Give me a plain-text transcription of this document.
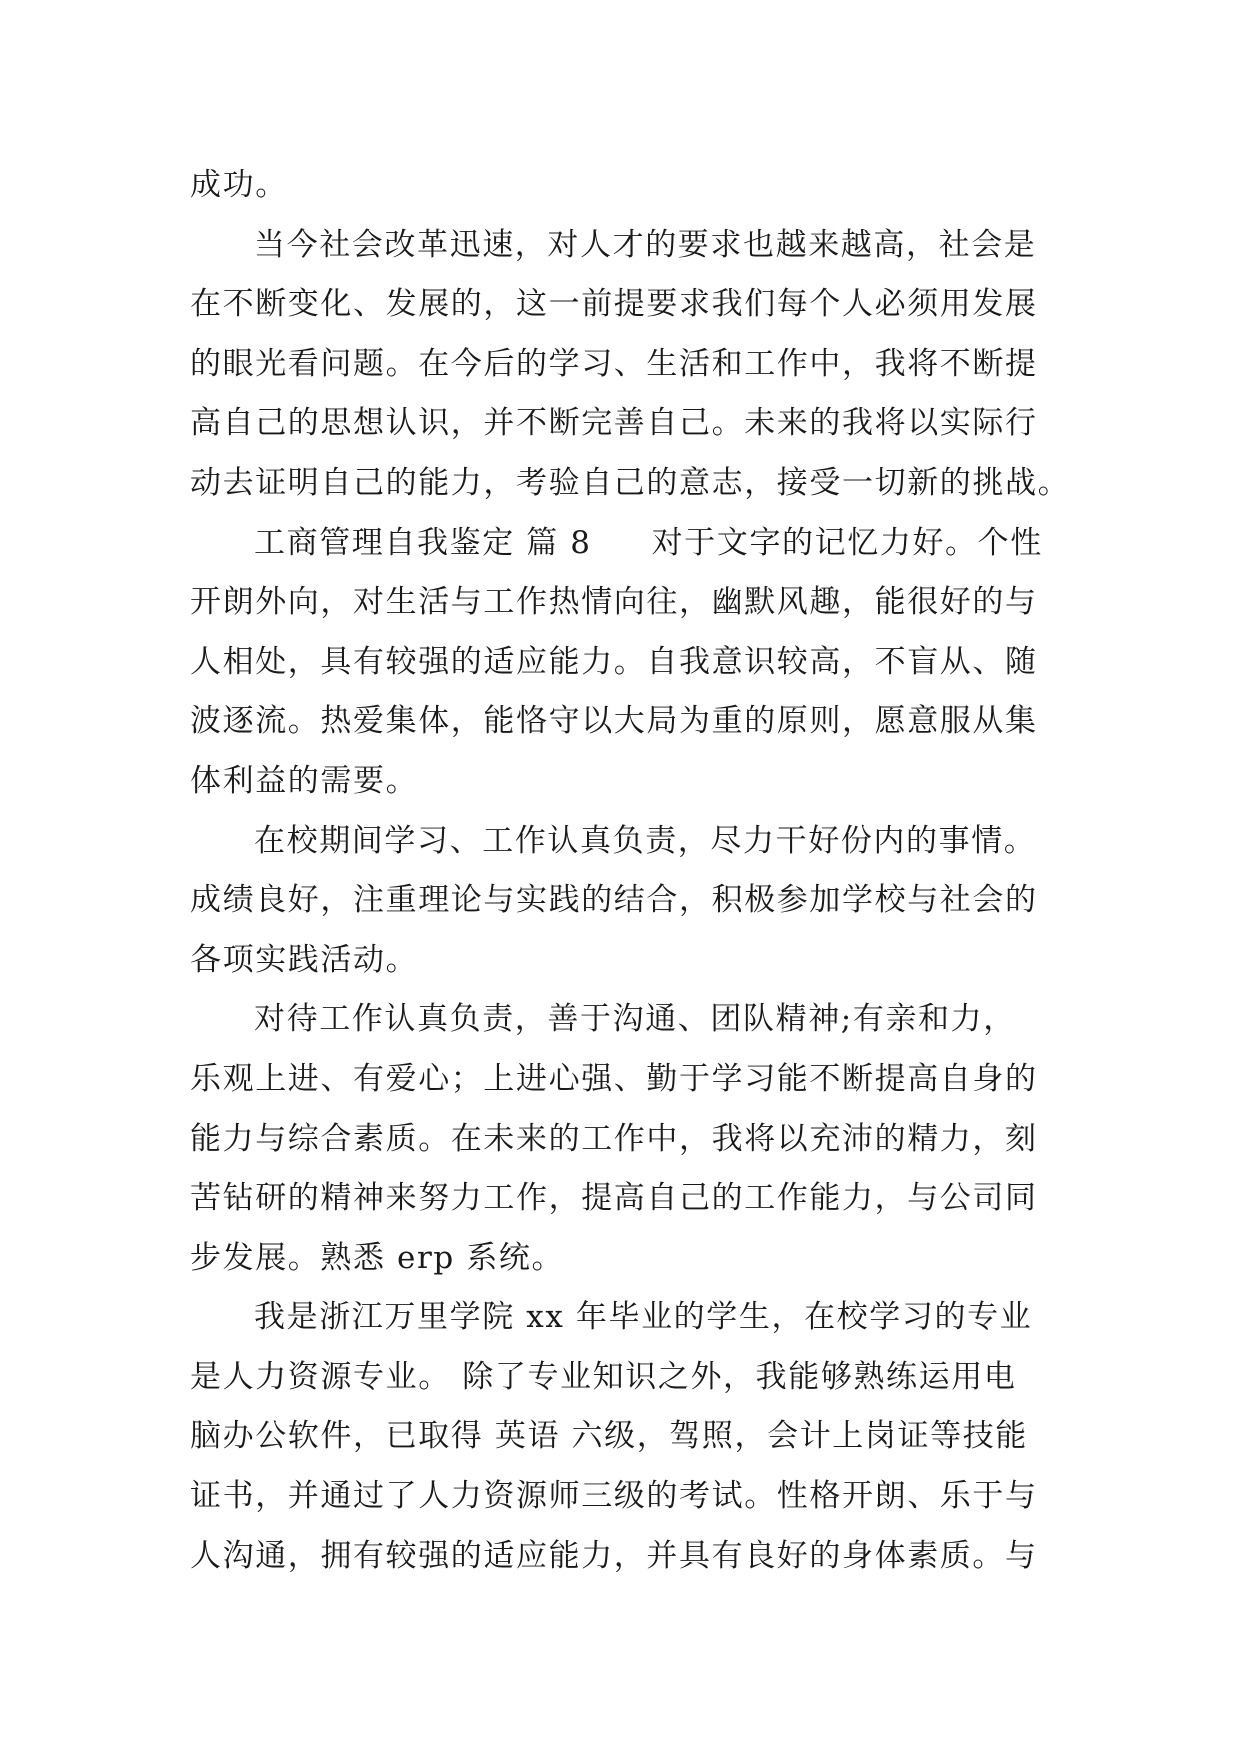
成功。
当今社会改革迅速，对人才的要求也越来越高，社会是
在不断变化、发展的，这一前提要求我们每个人必须用发展
的眼光看问题。在今后的学习、生活和工作中，我将不断提
高自己的思想认识，并不断完善自己。未来的我将以实际行
动去证明自己的能力，考验自己的意志，接受一切新的挑战。
工商管理自我鉴定 篇 8 对于文字的记忆力好。个性
开朗外向，对生活与工作热情向往，幽默风趣，能很好的与
人相处，具有较强的适应能力。自我意识较高，不盲从、随
波逐流。热爱集体，能恪守以大局为重的原则，愿意服从集
体利益的需要。
在校期间学习、工作认真负责，尽力干好份内的事情。
成绩良好，注重理论与实践的结合，积极参加学校与社会的
各项实践活动。
对待工作认真负责，善于沟通、团队精神;有亲和力，
乐观上进、有爱心；上进心强、勤于学习能不断提高自身的
能力与综合素质。在未来的工作中，我将以充沛的精力，刻
苦钻研的精神来努力工作，提高自己的工作能力，与公司同
步发展。熟悉 erp 系统。
我是浙江万里学院 xx 年毕业的学生，在校学习的专业
是人力资源专业。 除了专业知识之外，我能够熟练运用电
脑办公软件，已取得 英语 六级，驾照，会计上岗证等技能
证书，并通过了人力资源师三级的考试。性格开朗、乐于与
人沟通，拥有较强的适应能力，并具有良好的身体素质。与
